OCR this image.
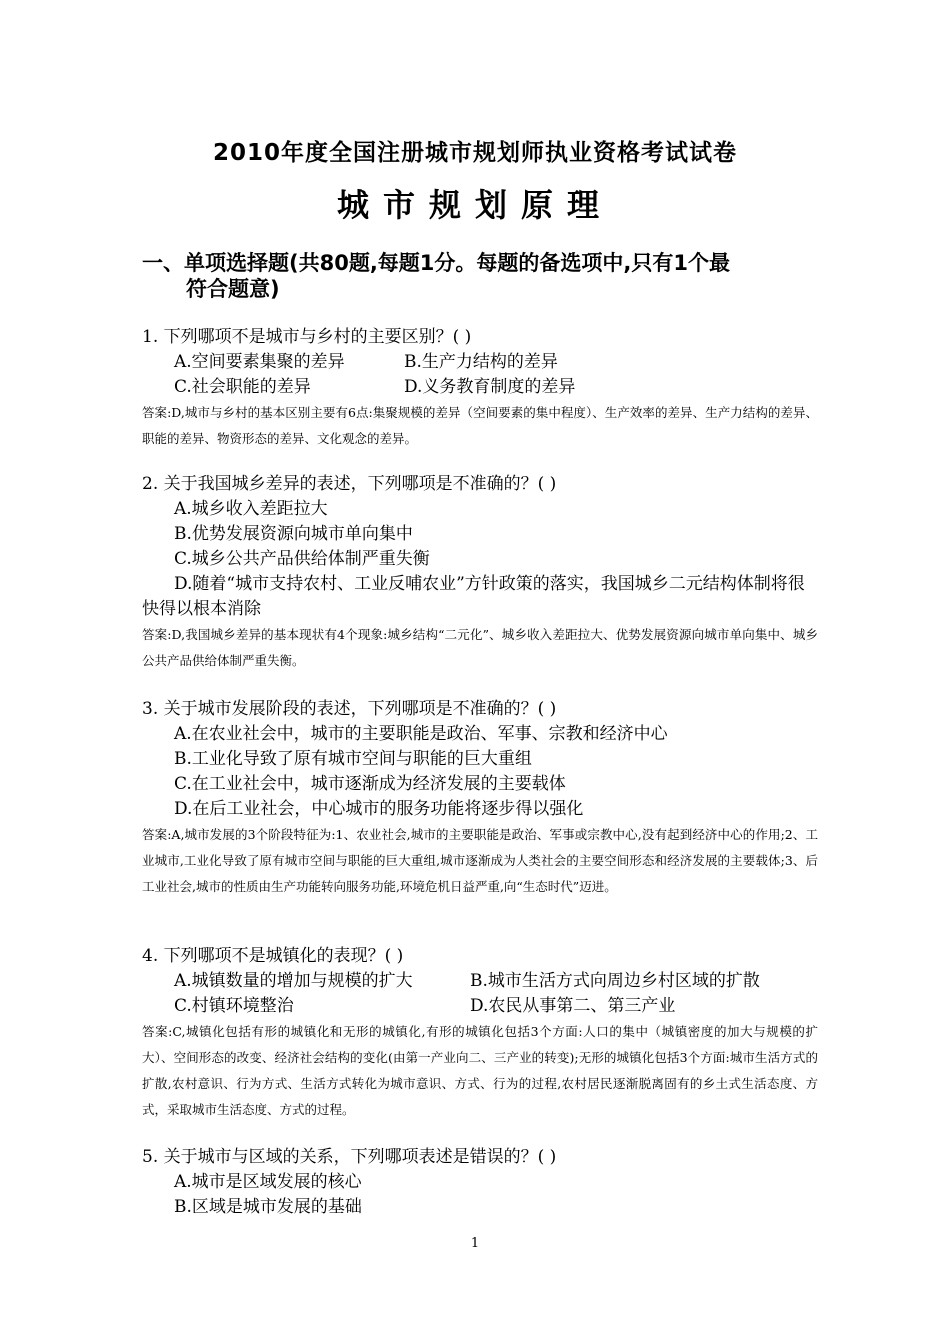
2010年度全国注册城市规划师执业资格考试试卷
城市规划原理
一、单项选择题(共80题,每题1分。每题的备选项中,只有1个最
符合题意)
1. 下列哪项不是城市与乡村的主要区别？( )
A.空间要素集聚的差异	B.生产力结构的差异
C.社会职能的差异	D.义务教育制度的差异
答案:D,城市与乡村的基本区别主要有6点:集聚规模的差异（空间要素的集中程度）、生产效率的差异、生产力结构的差异、职能的差异、物资形态的差异、文化观念的差异。
2. 关于我国城乡差异的表述，下列哪项是不准确的？( )
A.城乡收入差距拉大
B.优势发展资源向城市单向集中
C.城乡公共产品供给体制严重失衡
D.随着“城市支持农村、工业反哺农业”方针政策的落实，我国城乡二元结构体制将很快得以根本消除
答案:D,我国城乡差异的基本现状有4个现象:城乡结构“二元化”、城乡收入差距拉大、优势发展资源向城市单向集中、城乡公共产品供给体制严重失衡。
3. 关于城市发展阶段的表述，下列哪项是不准确的？( )
A.在农业社会中，城市的主要职能是政治、军事、宗教和经济中心
B.工业化导致了原有城市空间与职能的巨大重组
C.在工业社会中，城市逐渐成为经济发展的主要载体
D.在后工业社会，中心城市的服务功能将逐步得以强化
答案:A,城市发展的3个阶段特征为:1、农业社会,城市的主要职能是政治、军事或宗教中心,没有起到经济中心的作用;2、工业城市,工业化导致了原有城市空间与职能的巨大重组,城市逐渐成为人类社会的主要空间形态和经济发展的主要载体;3、后工业社会,城市的性质由生产功能转向服务功能,环境危机日益严重,向“生态时代”迈进。
4. 下列哪项不是城镇化的表现？( )
A.城镇数量的增加与规模的扩大	B.城市生活方式向周边乡村区域的扩散
C.村镇环境整治	D.农民从事第二、第三产业
答案:C,城镇化包括有形的城镇化和无形的城镇化,有形的城镇化包括3个方面:人口的集中（城镇密度的加大与规模的扩大）、空间形态的改变、经济社会结构的变化(由第一产业向二、三产业的转变);无形的城镇化包括3个方面:城市生活方式的扩散,农村意识、行为方式、生活方式转化为城市意识、方式、行为的过程,农村居民逐渐脱离固有的乡土式生活态度、方式，采取城市生活态度、方式的过程。
5. 关于城市与区域的关系，下列哪项表述是错误的？( )
A.城市是区域发展的核心
B.区域是城市发展的基础
1
